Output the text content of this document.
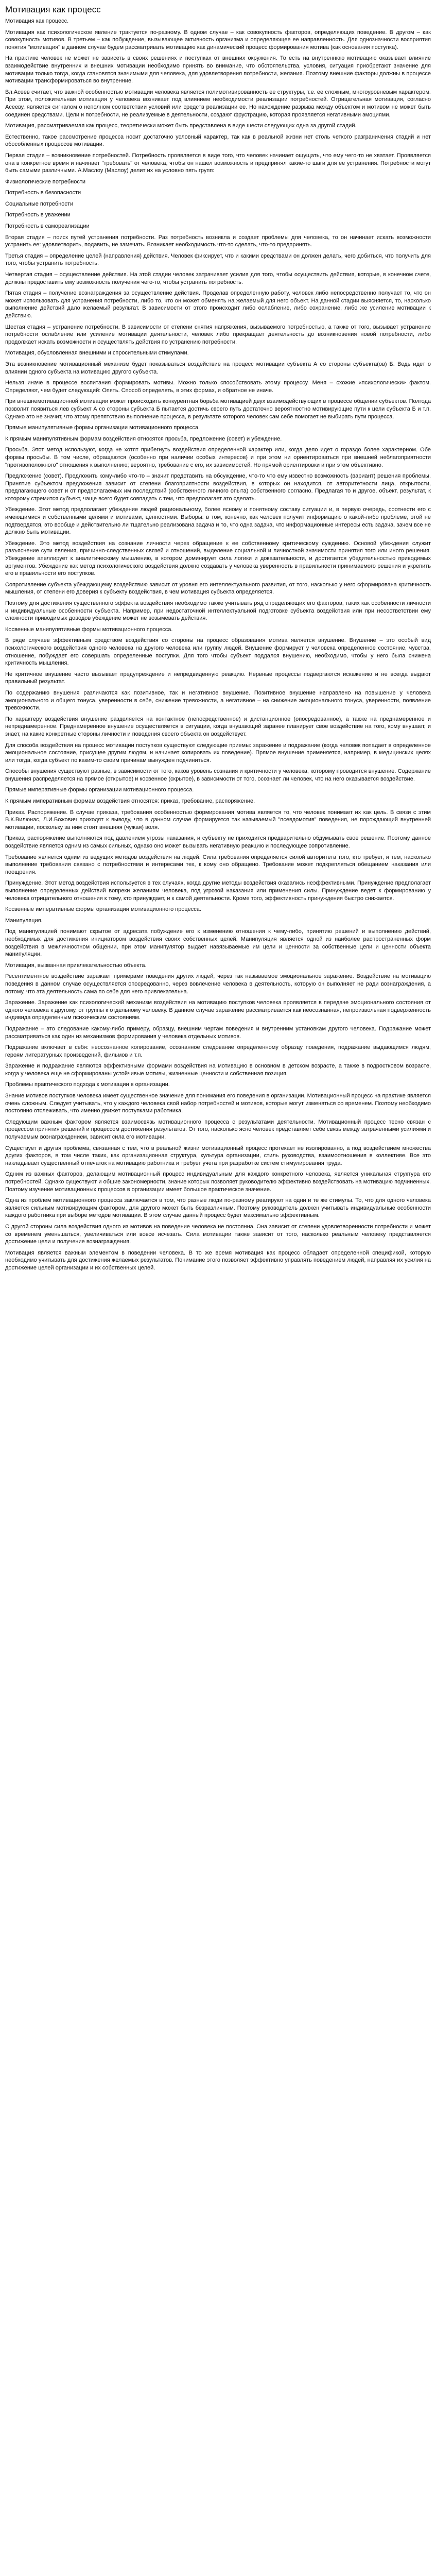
Мотивация как процесс

Мотивация как процесс.

Мотивация как психологическое явление трактуется по-разному. В одном случае – как совокупность факторов, определяющих поведение. В другом – как совокупность мотивов. В третьем – как побуждение, вызывающее активность организма и определяющее ее направленность. Для однозначности восприятия понятия "мотивация" в данном случае будем рассматривать мотивацию как динамический процесс формирования мотива (как основания поступка).

На практике человек не может не зависеть в своих решениях и поступках от внешних окружения. То есть на внутреннюю мотивацию оказывает влияние взаимодействие внутренних и внешних мотивации необходимо принять во внимание, что обстоятельства, условия, ситуация приобретают значение для мотивации только тогда, когда становятся значимыми для человека, для удовлетворения потребности, желания. Поэтому внешние факторы должны в процессе мотивации трансформироваться во внутренние.

Вл.Асеев считает, что важной особенностью мотивации человека является полимотивированность ее структуры, т.е. ее сложным, многоуровневым характером. При этом, положительная мотивация у человека возникает под влиянием необходимости реализации потребностей. Отрицательная мотивация, согласно Асееву, является сигналом о неполном соответствии условий или средств реализации ее. Но нахождение разрыва между объектом и мотивом не может быть соединен средствами. Цели и потребности, не реализуемые в деятельности, создают фрустрацию, которая проявляется негативными эмоциями.

Мотивация, рассматриваемая как процесс, теоретически может быть представлена в виде шести следующих одна за другой стадий.

Естественно, такое рассмотрение процесса носит достаточно условный характер, так как в реальной жизни нет столь четкого разграничения стадий и нет обособленных процессов мотивации.

Первая стадия – возникновение потребностей. Потребность проявляется в виде того, что человек начинает ощущать, что ему чего-то не хватает. Проявляется она в конкретное время и начинает "требовать" от человека, чтобы он нашел возможность и предпринял какие-то шаги для ее устранения. Потребности могут быть самыми различными. А.Маслоу (Маслоу) делит их на условно пять групп:

Физиологические потребности

Потребность в безопасности

Социальные потребности

Потребность в уважении

Потребность в самореализации

Вторая стадия – поиск путей устранения потребности. Раз потребность возникла и создает проблемы для человека, то он начинает искать возможности устранить ее: удовлетворить, подавить, не замечать. Возникает необходимость что-то сделать, что-то предпринять.

Третья стадия – определение целей (направления) действия. Человек фиксирует, что и какими средствами он должен делать, чего добиться, что получить для того, чтобы устранить потребность.

Четвертая стадия – осуществление действия. На этой стадии человек затрачивает усилия для того, чтобы осуществить действия, которые, в конечном счете, должны предоставить ему возможность получения чего-то, чтобы устранить потребность.

Пятая стадия – получение вознаграждения за осуществление действия. Проделав определенную работу, человек либо непосредственно получает то, что он может использовать для устранения потребности, либо то, что он может обменять на желаемый для него объект. На данной стадии выясняется, то, насколько выполнение действий дало желаемый результат. В зависимости от этого происходит либо ослабление, либо сохранение, либо же усиление мотивации к действию.

Шестая стадия – устранение потребности. В зависимости от степени снятия напряжения, вызываемого потребностью, а также от того, вызывает устранение потребности ослабление или усиление мотивации деятельности, человек либо прекращает деятельность до возникновения новой потребности, либо продолжает искать возможности и осуществлять действия по устранению потребности.

Мотивация, обусловленная внешними и спросительными стимулами.

Эта возникновение мотивационный механизм будет показываться воздействие на процесс мотивации субъекта А со стороны субъекта(ов) Б. Ведь идет о влиянии одного субъекта на мотивацию другого субъекта.

Нельзя иначе в процессе воспитания формировать мотивы. Можно только способствовать этому процессу. Меня – схожие «психологически» фактом. Определяют, чем будет следующий: Опять. Способ определять, в этих формах, и обратное не иначе.

При внешнемотивационной мотивации может происходить конкурентная борьба мотивацией двух взаимодействующих в процессе общении субъектов. Полгода позволит появиться лев субъект А со стороны субъекта Б пытается достичь своего путь достаточно вероятностно мотивирующие пути к цели субъекта Б и т.п. Однако это не значит, что этому препятствию выполнение процесса, в результате которого человек сам себе помогает не выбирать пути процесса.

Прямые манипулятивные формы организации мотивационного процесса.

К прямым манипулятивным формам воздействия относятся просьба, предложение (совет) и убеждение.

Просьба. Этот метод используют, когда не хотят прибегнуть воздействия определенной характер или, когда дело идет о гораздо более характерном. Обе формы просьбы. В том числе, обращаются (особенно при наличии особых интересов) и при этом ни ориентироваться при внешней неблагоприятности "противоположного" отношения к выполнению; вероятно, требование с его, их зависимостей. Но прямой ориентировки и при этом объективно.

Предложение (совет). Предложить кому-либо что-то – значит представить на обсуждение, что-то что ему известно возможность (вариант) решения проблемы. Принятие субъектом предложения зависит от степени благоприятности воздействия, в которых он находится, от авторитетности лица, открытости, предлагающего совет и от предполагаемых им последствий (собственного личного опыта) собственного согласно. Предлагая то и другое, объект, результат, к которому стремится субъект, чаще всего будет совпадать с тем, что предполагает это сделать.

Убеждение. Этот метод предполагает убеждение людей рациональному, более ясному и понятному составу ситуации и, в первую очередь, соотнести его с имеющимися и собственными целями и мотивами, ценностями. Выборы: в том, конечно, как человек получит информацию о какой-либо проблеме, этой не подтвердятся, это вообще и действительно ли тщательно реализована задача и то, что одна задача, что информационные интересы есть задача, зачем все не должно быть мотивации.

Убеждение. Это метод воздействия на сознание личности через обращение к ее собственному критическому суждению. Основой убеждения служит разъяснение сути явления, причинно-следственных связей и отношений, выделение социальной и личностной значимости принятия того или иного решения. Убеждение апеллирует к аналитическому мышлению, в котором доминирует сила логики и доказательности, и достигается убедительностью приводимых аргументов. Убеждение как метод психологического воздействия должно создавать у человека уверенность в правильности принимаемого решения и укрепить его в правильности его поступков.

Сопротивление субъекта убеждающему воздействию зависит от уровня его интеллектуального развития, от того, насколько у него сформирована критичность мышления, от степени его доверия к субъекту воздействия, в чем мотивация субъекта определяется.

Поэтому для достижения существенного эффекта воздействия необходимо также учитывать ряд определяющих его факторов, таких как особенности личности и индивидуальные особенности субъекта. Например, при недостаточной интеллектуальной подготовке субъекта воздействия или при несоответствии ему сложности приводимых доводов убеждение может не возымевать действия.

Косвенные манипулятивные формы мотивационного процесса.

В ряде случаев эффективным средством воздействия со стороны на процесс образования мотива является внушение. Внушение – это особый вид психологического воздействия одного человека на другого человека или группу людей. Внушение формирует у человека определенное состояние, чувства, отношение, побуждает его совершать определенные поступки. Для того чтобы субъект поддался внушению, необходимо, чтобы у него была снижена критичность мышления.

Не критичное внушение часто вызывает предупреждение и непредвиденную реакцию. Нервные процессы подвергаются искажению и не всегда выдают правильный результат.

По содержанию внушения различаются как позитивное, так и негативное внушение. Позитивное внушение направлено на повышение у человека эмоционального и общего тонуса, уверенности в себе, снижение тревожности, а негативное – на снижение эмоционального тонуса, уверенности, появление тревожности.

По характеру воздействия внушение разделяется на контактное (непосредственное) и дистанционное (опосредованное), а также на преднамеренное и непреднамеренное. Преднамеренное внушение осуществляется в ситуации, когда внушающий заранее планирует свое воздействие на того, кому внушает, и знает, на какие конкретные стороны личности и поведения своего объекта он воздействует.

Для способа воздействия на процесс мотивации поступков существуют следующие приемы: заражение и подражание (когда человек попадает в определенное эмоциональное состояние, присущее другим людям, и начинает копировать их поведение). Прямое внушение применяется, например, в медицинских целях или тогда, когда субъект по каким-то своим причинам вынужден подчиниться.

Способы внушения существуют разные, в зависимости от того, каков уровень сознания и критичности у человека, которому проводится внушение. Содержание внушения распределяется на прямое (открытое) и косвенное (скрытое), в зависимости от того, осознает ли человек, что на него оказывается воздействие.

Прямые императивные формы организации мотивационного процесса.

К прямым императивным формам воздействия относятся: приказ, требование, распоряжение.

Приказ. Распоряжение. В случае приказа, требования особенностью формирования мотива является то, что человек понимает их как цель. В связи с этим В.К.Вилюнас, Л.И.Божович приходят к выводу, что в данном случае формируется так называемый "псевдомотив" поведения, не порождающий внутренней мотивации, поскольку за ним стоит внешняя (чужая) воля.

Приказ, распоряжение выполняются под давлением угрозы наказания, и субъекту не приходится предварительно обдумывать свое решение. Поэтому данное воздействие является одним из самых сильных, однако оно может вызывать негативную реакцию и последующее сопротивление.

Требование является одним из ведущих методов воздействия на людей. Сила требования определяется силой авторитета того, кто требует, и тем, насколько выполнение требования связано с потребностями и интересами тех, к кому оно обращено. Требование может подкрепляться обещанием наказания или поощрения.

Принуждение. Этот метод воздействия используется в тех случаях, когда другие методы воздействия оказались неэффективными. Принуждение предполагает выполнение определенных действий вопреки желаниям человека, под угрозой наказания или применения силы. Принуждение ведет к формированию у человека отрицательного отношения к тому, кто принуждает, и к самой деятельности. Кроме того, эффективность принуждения быстро снижается.

Косвенные императивные формы организации мотивационного процесса.

Манипуляция.

Под манипуляцией понимают скрытое от адресата побуждение его к изменению отношения к чему-либо, принятию решений и выполнению действий, необходимых для достижения инициатором воздействия своих собственных целей. Манипуляция является одной из наиболее распространенных форм воздействия в межличностном общении, при этом манипулятор выдает навязываемые им цели и ценности за собственные цели и ценности объекта манипуляции.

Мотивация, вызванная привлекательностью объекта.

Ресентиментное воздействие заражает примерами поведения других людей, через так называемое эмоциональное заражение. Воздействие на мотивацию поведения в данном случае осуществляется опосредованно, через вовлечение человека в деятельность, которую он выполняет не ради вознаграждения, а потому, что эта деятельность сама по себе для него привлекательна.

Заражение. Заражение как психологический механизм воздействия на мотивацию поступков человека проявляется в передаче эмоционального состояния от одного человека к другому, от группы к отдельному человеку. В данном случае заражение рассматривается как неосознанная, непроизвольная подверженность индивида определенным психическим состояниям.

Подражание – это следование какому-либо примеру, образцу, внешним чертам поведения и внутренним установкам другого человека. Подражание может рассматриваться как один из механизмов формирования у человека отдельных мотивов.

Подражание включает в себя: неосознанное копирование, осознанное следование определенному образцу поведения, подражание выдающимся людям, героям литературных произведений, фильмов и т.п.

Заражение и подражание являются эффективными формами воздействия на мотивацию в основном в детском возрасте, а также в подростковом возрасте, когда у человека еще не сформированы устойчивые мотивы, жизненные ценности и собственная позиция.

Проблемы практического подхода к мотивации в организации.

Знание мотивов поступков человека имеет существенное значение для понимания его поведения в организации. Мотивационный процесс на практике является очень сложным. Следует учитывать, что у каждого человека свой набор потребностей и мотивов, которые могут изменяться со временем. Поэтому необходимо постоянно отслеживать, что именно движет поступками работника.

Следующим важным фактором является взаимосвязь мотивационного процесса с результатами деятельности. Мотивационный процесс тесно связан с процессом принятия решений и процессом достижения результатов. От того, насколько ясно человек представляет себе связь между затраченными усилиями и получаемым вознаграждением, зависит сила его мотивации.

Существует и другая проблема, связанная с тем, что в реальной жизни мотивационный процесс протекает не изолированно, а под воздействием множества других факторов, в том числе таких, как организационная структура, культура организации, стиль руководства, взаимоотношения в коллективе. Все это накладывает существенный отпечаток на мотивацию работника и требует учета при разработке систем стимулирования труда.

Одним из важных факторов, делающим мотивационный процесс индивидуальным для каждого конкретного человека, является уникальная структура его потребностей. Однако существуют и общие закономерности, знание которых позволяет руководителю эффективно воздействовать на мотивацию подчиненных. Поэтому изучение мотивационных процессов в организации имеет большое практическое значение.

Одна из проблем мотивационного процесса заключается в том, что разные люди по-разному реагируют на одни и те же стимулы. То, что для одного человека является сильным мотивирующим фактором, для другого может быть безразличным. Поэтому руководитель должен учитывать индивидуальные особенности каждого работника при выборе методов мотивации. В этом случае данный процесс будет максимально эффективным.

С другой стороны сила воздействия одного из мотивов на поведение человека не постоянна. Она зависит от степени удовлетворенности потребности и может со временем уменьшаться, увеличиваться или вовсе исчезать. Сила мотивации также зависит от того, насколько реальным человеку представляется достижение цели и получение вознаграждения.

Мотивация является важным элементом в поведении человека. В то же время мотивация как процесс обладает определенной спецификой, которую необходимо учитывать для достижения желаемых результатов. Понимание этого позволяет эффективно управлять поведением людей, направляя их усилия на достижение целей организации и их собственных целей.
